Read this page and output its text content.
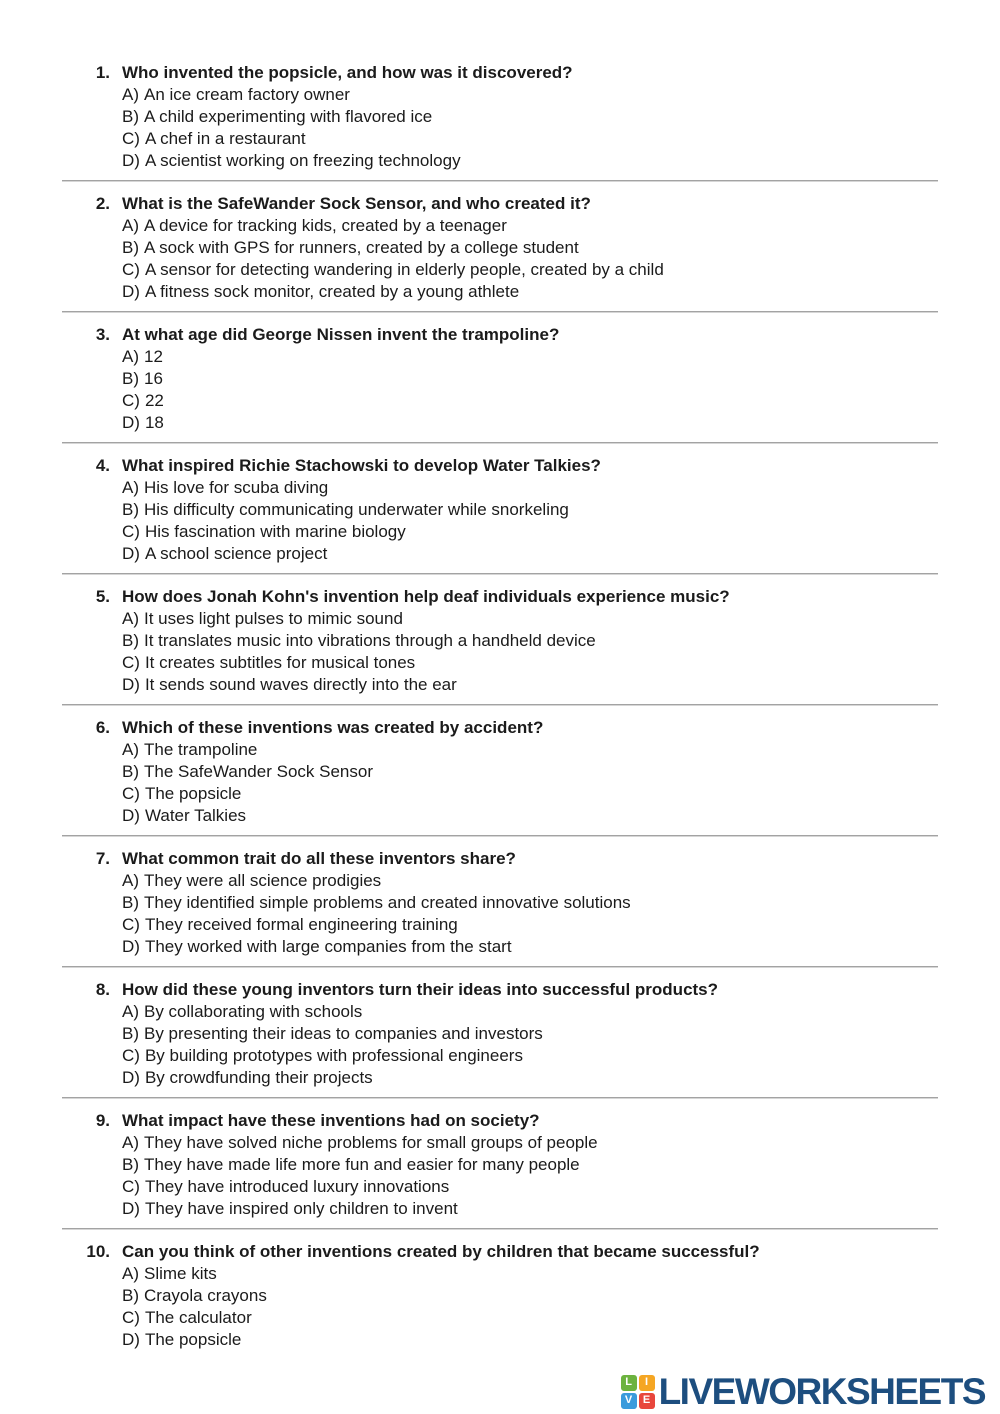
1. Who invented the popsicle, and how was it discovered?
A) An ice cream factory owner
B) A child experimenting with flavored ice
C) A chef in a restaurant
D) A scientist working on freezing technology
2. What is the SafeWander Sock Sensor, and who created it?
A) A device for tracking kids, created by a teenager
B) A sock with GPS for runners, created by a college student
C) A sensor for detecting wandering in elderly people, created by a child
D) A fitness sock monitor, created by a young athlete
3. At what age did George Nissen invent the trampoline?
A) 12
B) 16
C) 22
D) 18
4. What inspired Richie Stachowski to develop Water Talkies?
A) His love for scuba diving
B) His difficulty communicating underwater while snorkeling
C) His fascination with marine biology
D) A school science project
5. How does Jonah Kohn's invention help deaf individuals experience music?
A) It uses light pulses to mimic sound
B) It translates music into vibrations through a handheld device
C) It creates subtitles for musical tones
D) It sends sound waves directly into the ear
6. Which of these inventions was created by accident?
A) The trampoline
B) The SafeWander Sock Sensor
C) The popsicle
D) Water Talkies
7. What common trait do all these inventors share?
A) They were all science prodigies
B) They identified simple problems and created innovative solutions
C) They received formal engineering training
D) They worked with large companies from the start
8. How did these young inventors turn their ideas into successful products?
A) By collaborating with schools
B) By presenting their ideas to companies and investors
C) By building prototypes with professional engineers
D) By crowdfunding their projects
9. What impact have these inventions had on society?
A) They have solved niche problems for small groups of people
B) They have made life more fun and easier for many people
C) They have introduced luxury innovations
D) They have inspired only children to invent
10. Can you think of other inventions created by children that became successful?
A) Slime kits
B) Crayola crayons
C) The calculator
D) The popsicle
L	I
V E LIVEWORKSHEETS
